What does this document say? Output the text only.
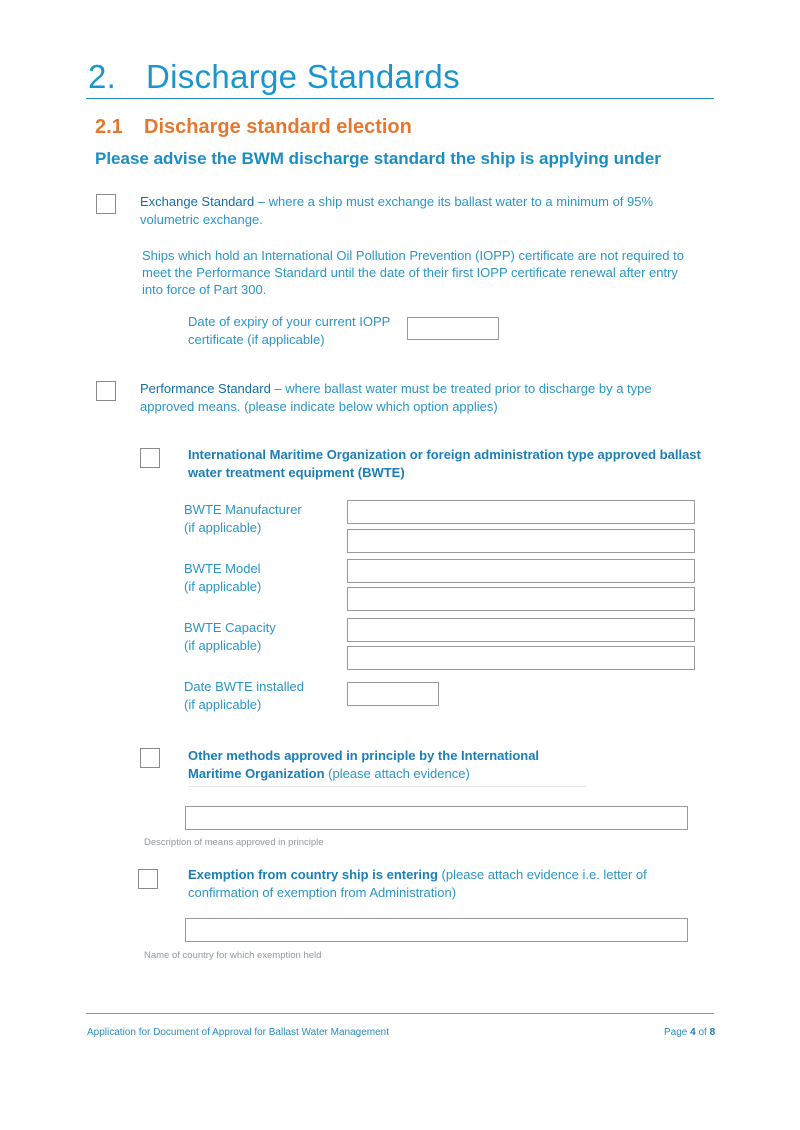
2. Discharge Standards
2.1 Discharge standard election
Please advise the BWM discharge standard the ship is applying under
Exchange Standard – where a ship must exchange its ballast water to a minimum of 95% volumetric exchange.
Ships which hold an International Oil Pollution Prevention (IOPP) certificate are not required to meet the Performance Standard until the date of their first IOPP certificate renewal after entry into force of Part 300.
Date of expiry of your current IOPP certificate (if applicable)
Performance Standard – where ballast water must be treated prior to discharge by a type approved means. (please indicate below which option applies)
International Maritime Organization or foreign administration type approved ballast water treatment equipment (BWTE)
BWTE Manufacturer
(if applicable)
BWTE Model
(if applicable)
BWTE Capacity
(if applicable)
Date BWTE installed
(if applicable)
Other methods approved in principle by the International
Maritime Organization (please attach evidence)
Description of means approved in principle
Exemption from country ship is entering (please attach evidence i.e. letter of confirmation of exemption from Administration)
Name of country for which exemption held
Application for Document of Approval for Ballast Water Management	Page 4 of 8
